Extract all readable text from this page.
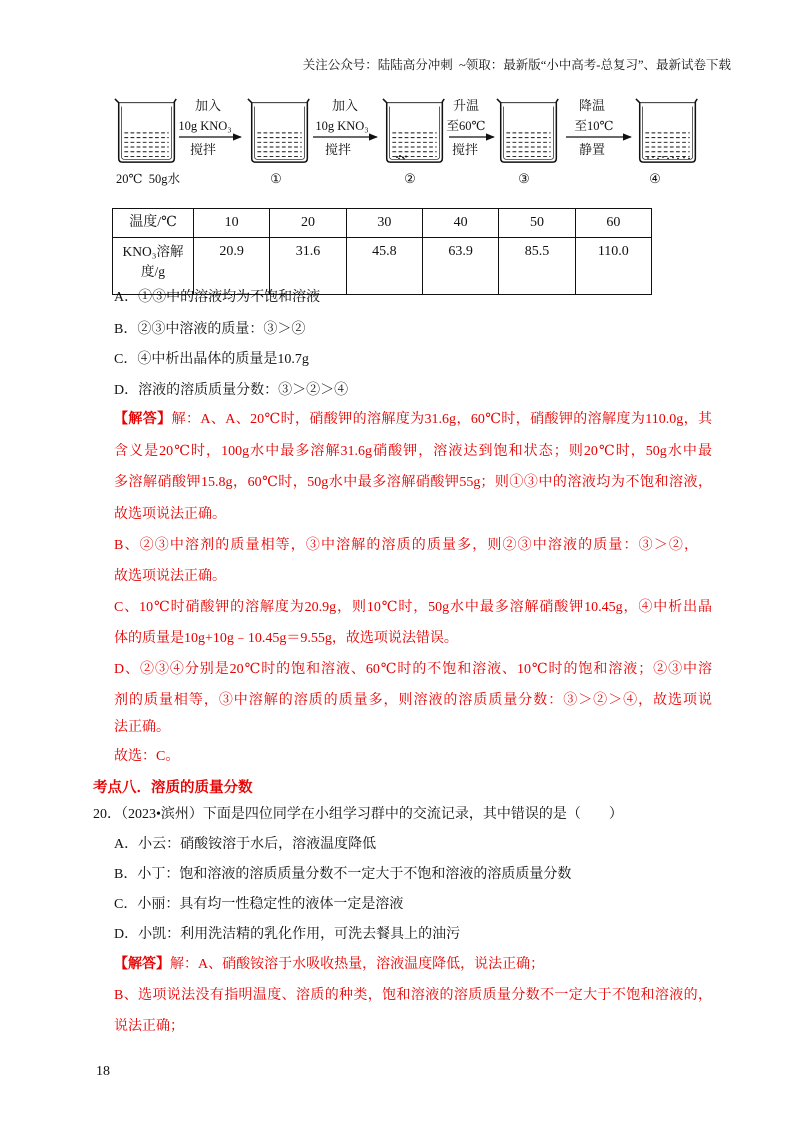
关注公众号：陆陆高分冲刺  ~领取：最新版“小中高考-总复习”、最新试卷下载
加入
10g KNO₃
搅拌
加入
10g KNO₃
搅拌
升温
至60℃
搅拌
降温
至10℃
静置
20℃  50g水	①	②	③	④
温度/℃	10	20	30	40	50	60
KNO₃溶解度/g	20.9	31.6	45.8	63.9	85.5	110.0
A．①③中的溶液均为不饱和溶液
B．②③中溶液的质量：③＞②
C．④中析出晶体的质量是10.7g
D．溶液的溶质质量分数：③＞②＞④
【解答】解：A、A、20℃时，硝酸钾的溶解度为31.6g，60℃时，硝酸钾的溶解度为110.0g，其
含义是20℃时，100g水中最多溶解31.6g硝酸钾，溶液达到饱和状态；则20℃时，50g水中最
多溶解硝酸钾15.8g，60℃时，50g水中最多溶解硝酸钾55g；则①③中的溶液均为不饱和溶液，
故选项说法正确。
B、②③中溶剂的质量相等，③中溶解的溶质的质量多，则②③中溶液的质量：③＞②，
故选项说法正确。
C、10℃时硝酸钾的溶解度为20.9g，则10℃时，50g水中最多溶解硝酸钾10.45g，④中析出晶
体的质量是10g+10g﹣10.45g＝9.55g，故选项说法错误。
D、②③④分别是20℃时的饱和溶液、60℃时的不饱和溶液、10℃时的饱和溶液；②③中溶
剂的质量相等，③中溶解的溶质的质量多，则溶液的溶质质量分数：③＞②＞④，故选项说
法正确。
故选：C。
考点八．溶质的质量分数
20．（2023•滨州）下面是四位同学在小组学习群中的交流记录，其中错误的是（　　）
A．小云：硝酸铵溶于水后，溶液温度降低
B．小丁：饱和溶液的溶质质量分数不一定大于不饱和溶液的溶质质量分数
C．小丽：具有均一性稳定性的液体一定是溶液
D．小凯：利用洗洁精的乳化作用，可洗去餐具上的油污
【解答】解：A、硝酸铵溶于水吸收热量，溶液温度降低，说法正确；
B、选项说法没有指明温度、溶质的种类，饱和溶液的溶质质量分数不一定大于不饱和溶液的，
说法正确；
18
